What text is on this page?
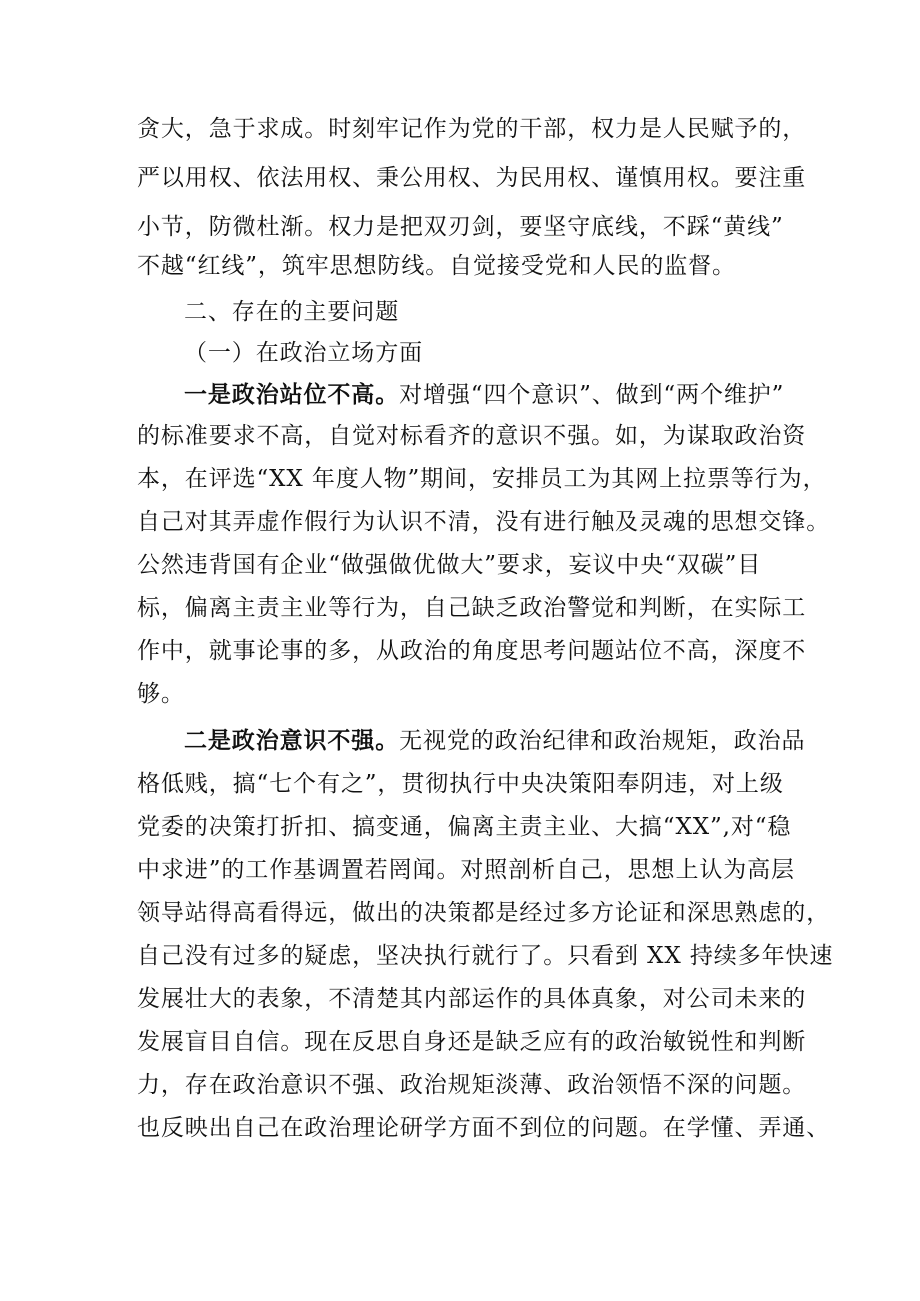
贪大，急于求成。时刻牢记作为党的干部，权力是人民赋予的，
严以用权、依法用权、秉公用权、为民用权、谨慎用权。要注重
小节，防微杜渐。权力是把双刃剑，要坚守底线，不踩“黄线”
不越“红线”，筑牢思想防线。自觉接受党和人民的监督。
二、存在的主要问题
（一）在政治立场方面
一是政治站位不高。对增强“四个意识”、做到“两个维护”
的标准要求不高，自觉对标看齐的意识不强。如，为谋取政治资
本，在评选“XX 年度人物”期间，安排员工为其网上拉票等行为，
自己对其弄虚作假行为认识不清，没有进行触及灵魂的思想交锋。
公然违背国有企业“做强做优做大”要求，妄议中央“双碳”目
标，偏离主责主业等行为，自己缺乏政治警觉和判断，在实际工
作中，就事论事的多，从政治的角度思考问题站位不高，深度不
够。
二是政治意识不强。无视党的政治纪律和政治规矩，政治品
格低贱，搞“七个有之”，贯彻执行中央决策阳奉阴违，对上级
党委的决策打折扣、搞变通，偏离主责主业、大搞“XX”,对“稳
中求进”的工作基调置若罔闻。对照剖析自己，思想上认为高层
领导站得高看得远，做出的决策都是经过多方论证和深思熟虑的，
自己没有过多的疑虑，坚决执行就行了。只看到 XX 持续多年快速
发展壮大的表象，不清楚其内部运作的具体真象，对公司未来的
发展盲目自信。现在反思自身还是缺乏应有的政治敏锐性和判断
力，存在政治意识不强、政治规矩淡薄、政治领悟不深的问题。
也反映出自己在政治理论研学方面不到位的问题。在学懂、弄通、
